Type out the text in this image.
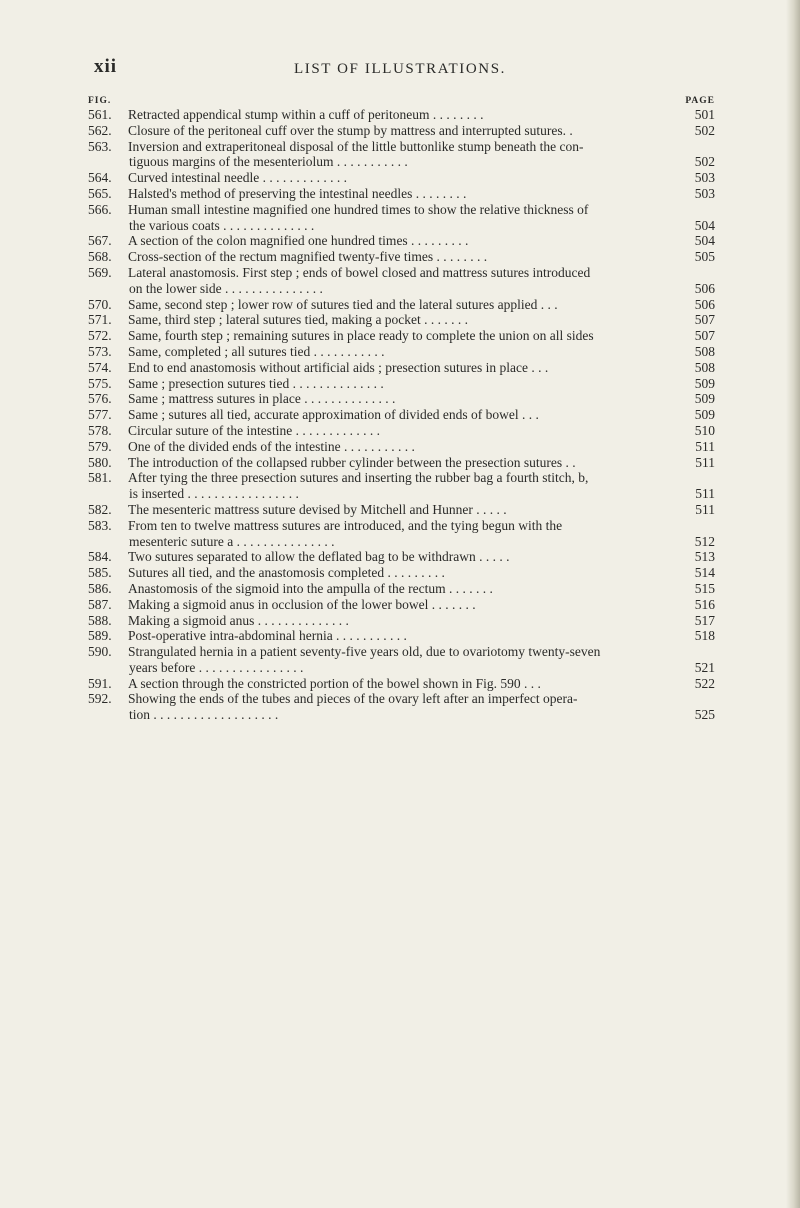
xii	LIST OF ILLUSTRATIONS.
FIG.	PAGE
561.	Retracted appendical stump within a cuff of peritoneum . . . . . . . .	501
562.	Closure of the peritoneal cuff over the stump by mattress and interrupted sutures. .	502
563.	Inversion and extraperitoneal disposal of the little buttonlike stump beneath the con-
tiguous margins of the mesenteriolum . . . . . . . . . . .	502
564.	Curved intestinal needle . . . . . . . . . . . . .	503
565.	Halsted's method of preserving the intestinal needles . . . . . . . .	503
566.	Human small intestine magnified one hundred times to show the relative thickness of
the various coats . . . . . . . . . . . . . .	504
567.	A section of the colon magnified one hundred times . . . . . . . . .	504
568.	Cross-section of the rectum magnified twenty-five times . . . . . . . .	505
569.	Lateral anastomosis. First step ; ends of bowel closed and mattress sutures introduced
on the lower side . . . . . . . . . . . . . . .	506
570.	Same, second step ; lower row of sutures tied and the lateral sutures applied . . .	506
571.	Same, third step ; lateral sutures tied, making a pocket . . . . . . .	507
572.	Same, fourth step ; remaining sutures in place ready to complete the union on all sides	507
573.	Same, completed ; all sutures tied . . . . . . . . . . .	508
574.	End to end anastomosis without artificial aids ; presection sutures in place . . .	508
575.	Same ; presection sutures tied . . . . . . . . . . . . . .	509
576.	Same ; mattress sutures in place . . . . . . . . . . . . . .	509
577.	Same ; sutures all tied, accurate approximation of divided ends of bowel . . .	509
578.	Circular suture of the intestine . . . . . . . . . . . . .	510
579.	One of the divided ends of the intestine . . . . . . . . . . .	511
580.	The introduction of the collapsed rubber cylinder between the presection sutures . .	511
581.	After tying the three presection sutures and inserting the rubber bag a fourth stitch, b,
is inserted . . . . . . . . . . . . . . . . .	511
582.	The mesenteric mattress suture devised by Mitchell and Hunner . . . . .	511
583.	From ten to twelve mattress sutures are introduced, and the tying begun with the
mesenteric suture a . . . . . . . . . . . . . . .	512
584.	Two sutures separated to allow the deflated bag to be withdrawn . . . . .	513
585.	Sutures all tied, and the anastomosis completed . . . . . . . . .	514
586.	Anastomosis of the sigmoid into the ampulla of the rectum . . . . . . .	515
587.	Making a sigmoid anus in occlusion of the lower bowel . . . . . . .	516
588.	Making a sigmoid anus . . . . . . . . . . . . . .	517
589.	Post-operative intra-abdominal hernia . . . . . . . . . . .	518
590.	Strangulated hernia in a patient seventy-five years old, due to ovariotomy twenty-seven
years before . . . . . . . . . . . . . . . .	521
591.	A section through the constricted portion of the bowel shown in Fig. 590 . . .	522
592.	Showing the ends of the tubes and pieces of the ovary left after an imperfect opera-
tion . . . . . . . . . . . . . . . . . . .	525
